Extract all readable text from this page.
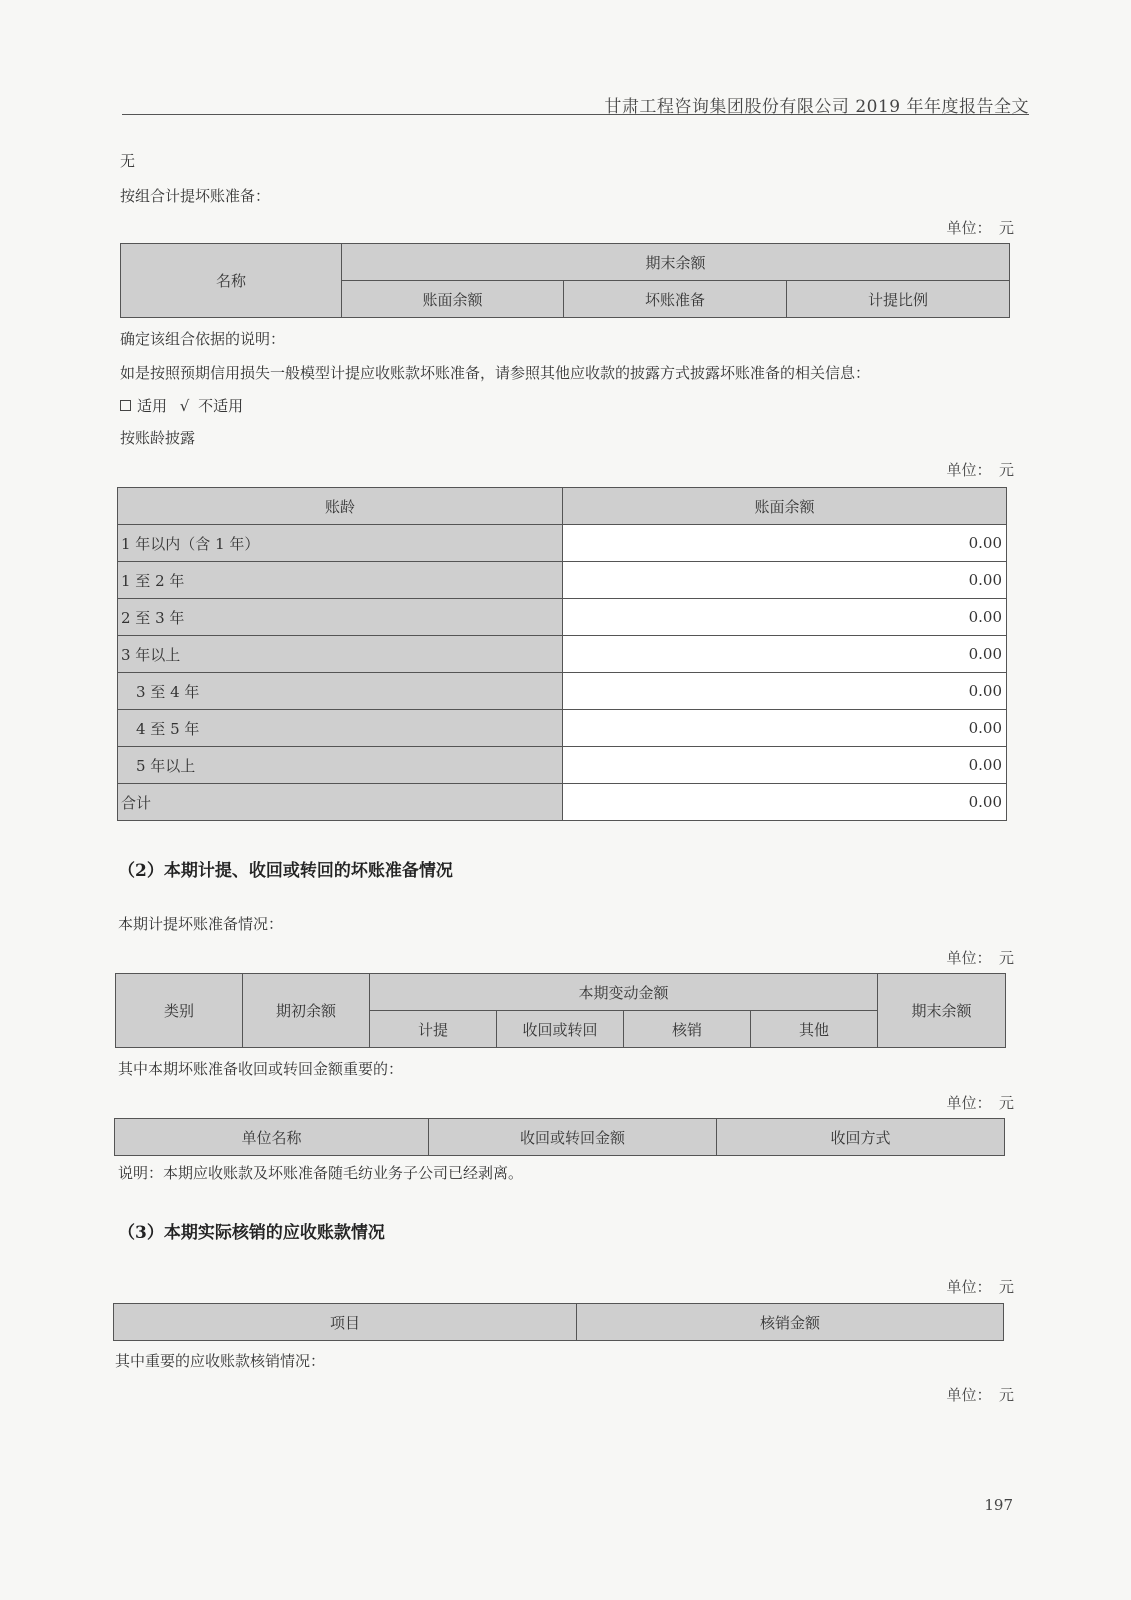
甘肃工程咨询集团股份有限公司 2019 年年度报告全文
无
按组合计提坏账准备：
单位：　元
名称	期末余额		
	账面余额	坏账准备	计提比例
确定该组合依据的说明：
如是按照预期信用损失一般模型计提应收账款坏账准备，请参照其他应收款的披露方式披露坏账准备的相关信息：
适用 √ 不适用
按账龄披露
单位：　元
账龄	账面余额
1 年以内（含 1 年）	0.00
1 至 2 年	0.00
2 至 3 年	0.00
3 年以上	0.00
　3 至 4 年	0.00
　4 至 5 年	0.00
　5 年以上	0.00
合计	0.00
（2）本期计提、收回或转回的坏账准备情况
本期计提坏账准备情况：
单位：　元
类别	期初余额	本期变动金额				期末余额
		计提	收回或转回	核销	其他	
其中本期坏账准备收回或转回金额重要的：
单位：　元
单位名称	收回或转回金额	收回方式
说明：本期应收账款及坏账准备随毛纺业务子公司已经剥离。
（3）本期实际核销的应收账款情况
单位：　元
项目	核销金额
其中重要的应收账款核销情况：
单位：　元
197
